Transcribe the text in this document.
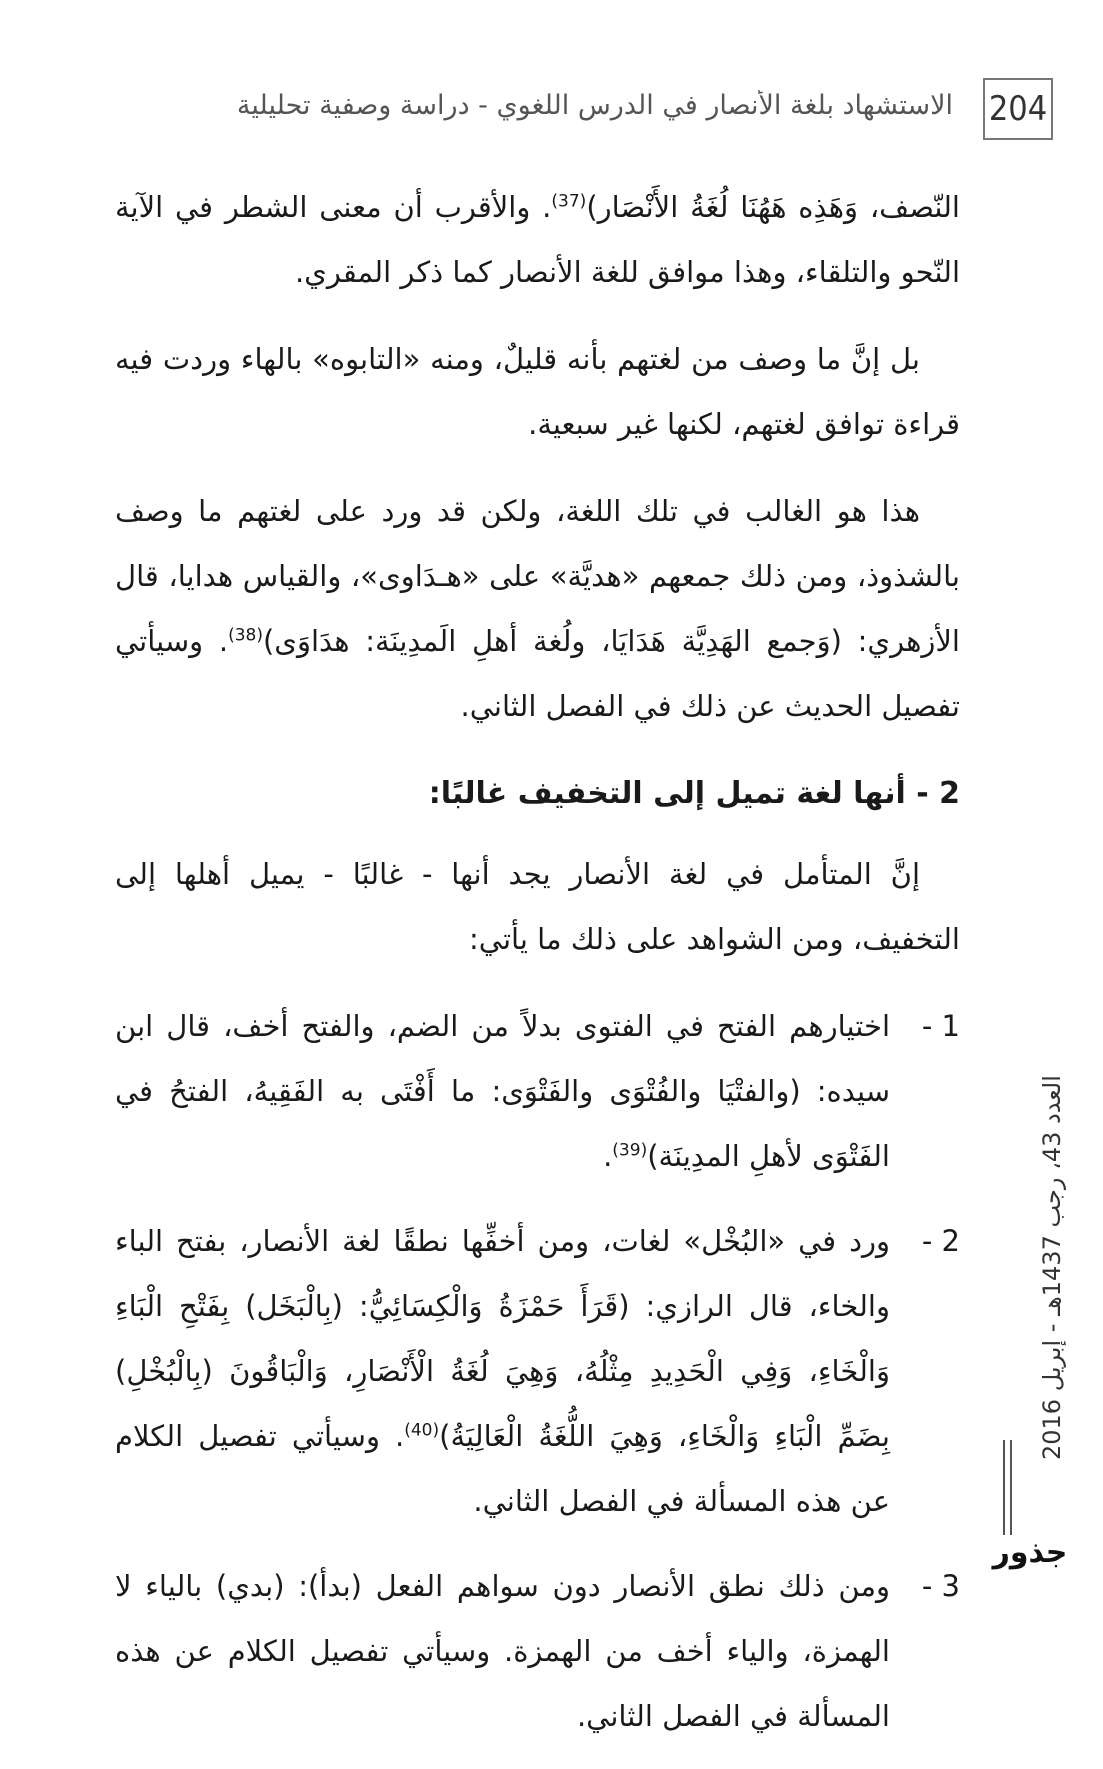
204
الاستشهاد بلغة الأنصار في الدرس اللغوي - دراسة وصفية تحليلية

النّصف، وَهَذِه هَهُنَا لُغَةُ الأَنْصَار)$^{(37)}$. والأقرب أن معنى الشطر في الآية النّحو والتلقاء، وهذا موافق للغة الأنصار كما ذكر المقري.

بل إنَّ ما وصف من لغتهم بأنه قليلٌ، ومنه «التابوه» بالهاء وردت فيه قراءة توافق لغتهم، لكنها غير سبعية.

هذا هو الغالب في تلك اللغة، ولكن قد ورد على لغتهم ما وصف بالشذوذ، ومن ذلك جمعهم «هديَّة» على «هـدَاوى»، والقياس هدايا، قال الأزهري: (وَجمع الهَدِيَّة هَدَايَا، ولُغة أهلِ الَمدِينَة: هدَاوَى)$^{(38)}$. وسيأتي تفصيل الحديث عن ذلك في الفصل الثاني.

2 - أنها لغة تميل إلى التخفيف غالبًا:

إنَّ المتأمل في لغة الأنصار يجد أنها - غالبًا - يميل أهلها إلى التخفيف، ومن الشواهد على ذلك ما يأتي:

1 -
اختيارهم الفتح في الفتوى بدلاً من الضم، والفتح أخف، قال ابن سيده: (والفتْيَا والفُتْوَى والفَتْوَى: ما أَفْتَى به الفَقِيهُ، الفتحُ في الفَتْوَى لأهلِ المدِينَة)$^{(39)}$.
2 -
ورد في «البُخْل» لغات، ومن أخفِّها نطقًا لغة الأنصار، بفتح الباء والخاء، قال الرازي: (قَرَأَ حَمْزَةُ وَالْكِسَائِيُّ: (بِالْبَخَل) بِفَتْحِ الْبَاءِ وَالْخَاءِ، وَفِي الْحَدِيدِ مِثْلُهُ، وَهِيَ لُغَةُ الْأَنْصَارِ، وَالْبَاقُونَ (بِالْبُخْلِ) بِضَمِّ الْبَاءِ وَالْخَاءِ، وَهِيَ اللُّغَةُ الْعَالِيَةُ)$^{(40)}$. وسيأتي تفصيل الكلام عن هذه المسألة في الفصل الثاني.
3 -
ومن ذلك نطق الأنصار دون سواهم الفعل (بدأ): (بدي) بالياء لا الهمزة، والياء أخف من الهمزة. وسيأتي تفصيل الكلام عن هذه المسألة في الفصل الثاني.
العدد 43، رجب 1437هـ - إبريل 2016
جذور
